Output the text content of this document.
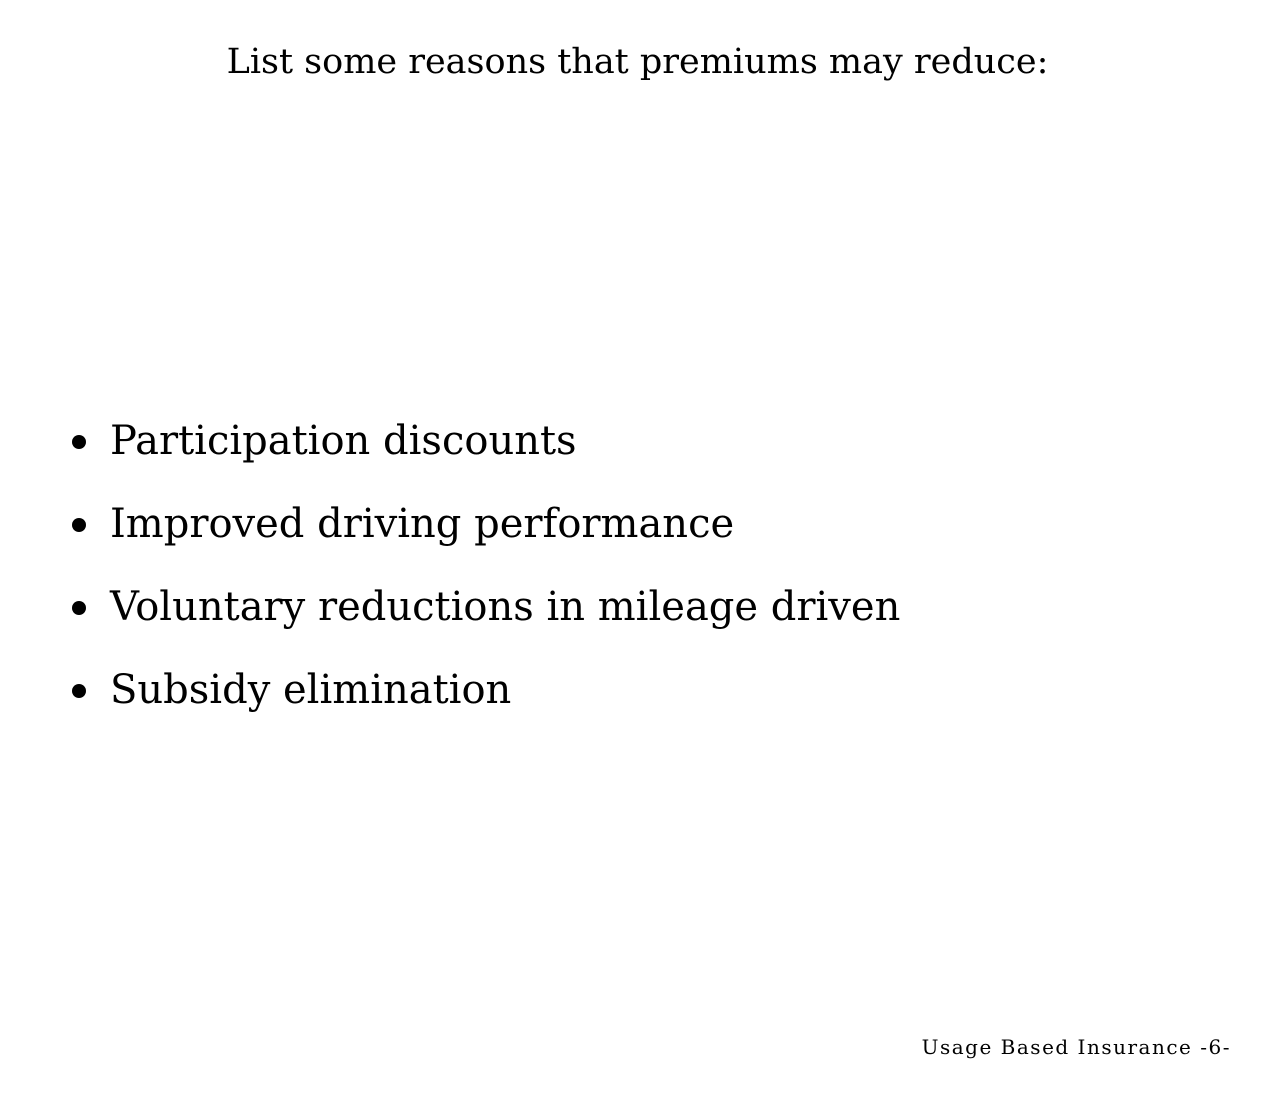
List some reasons that premiums may reduce:
Participation discounts
Improved driving performance
Voluntary reductions in mileage driven
Subsidy elimination
Usage Based Insurance -6-
